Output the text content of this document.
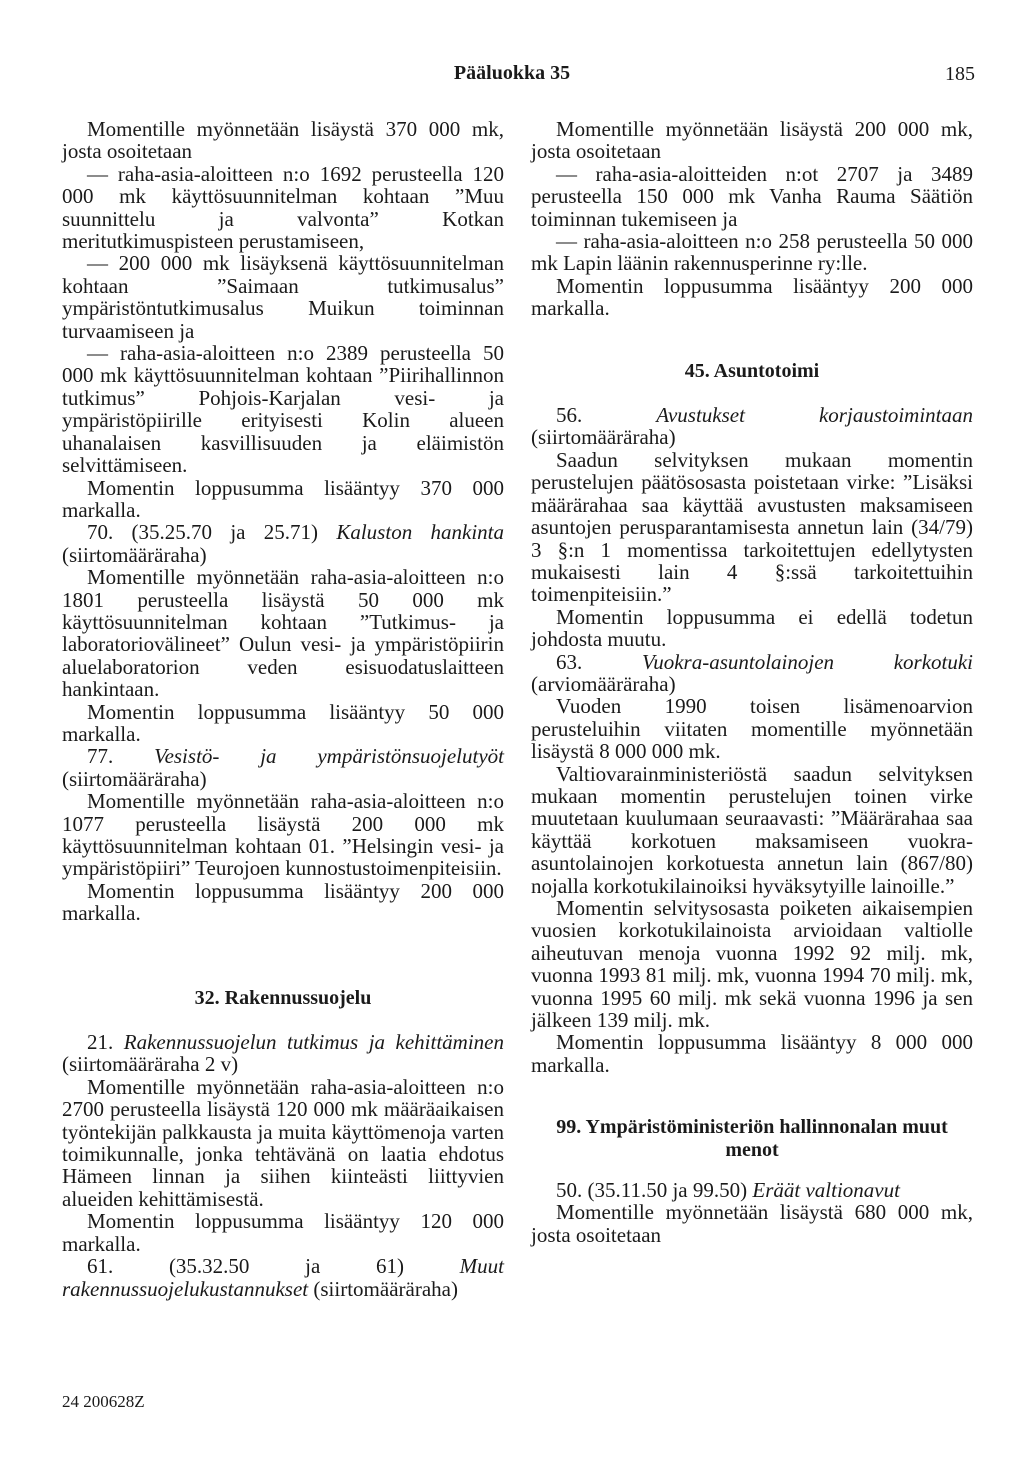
Pääluokka 35	185

Momentille myönnetään lisäystä 370 000 mk, josta osoitetaan

— raha-asia-aloitteen n:o 1692 perusteella 120 000 mk käyttösuunnitelman kohtaan ”Muu suunnittelu ja valvonta” Kotkan meritutkimuspisteen perustamiseen,

— 200 000 mk lisäyksenä käyttösuunnitelman kohtaan ”Saimaan tutkimusalus” ympäristöntutkimusalus Muikun toiminnan turvaamiseen ja

— raha-asia-aloitteen n:o 2389 perusteella 50 000 mk käyttösuunnitelman kohtaan ”Piirihallinnon tutkimus” Pohjois-Karjalan vesi- ja ympäristöpiirille erityisesti Kolin alueen uhanalaisen kasvillisuuden ja eläimistön selvittämiseen.

Momentin loppusumma lisääntyy 370 000 markalla.

70. (35.25.70 ja 25.71) Kaluston hankinta (siirtomääräraha)

Momentille myönnetään raha-asia-aloitteen n:o 1801 perusteella lisäystä 50 000 mk käyttösuunnitelman kohtaan ”Tutkimus- ja laboratoriovälineet” Oulun vesi- ja ympäristöpiirin aluelaboratorion veden esisuodatuslaitteen hankintaan.

Momentin loppusumma lisääntyy 50 000 markalla.

77. Vesistö- ja ympäristönsuojelutyöt (siirtomääräraha)

Momentille myönnetään raha-asia-aloitteen n:o 1077 perusteella lisäystä 200 000 mk käyttösuunnitelman kohtaan 01. ”Helsingin vesi- ja ympäristöpiiri” Teurojoen kunnostustoimenpiteisiin.

Momentin loppusumma lisääntyy 200 000 markalla.

32. Rakennussuojelu

21. Rakennussuojelun tutkimus ja kehittäminen (siirtomääräraha 2 v)

Momentille myönnetään raha-asia-aloitteen n:o 2700 perusteella lisäystä 120 000 mk määräaikaisen työntekijän palkkausta ja muita käyttömenoja varten toimikunnalle, jonka tehtävänä on laatia ehdotus Hämeen linnan ja siihen kiinteästi liittyvien alueiden kehittämisestä.

Momentin loppusumma lisääntyy 120 000 markalla.

61. (35.32.50 ja 61) Muut rakennussuojelukustannukset (siirtomääräraha)

Momentille myönnetään lisäystä 200 000 mk, josta osoitetaan

— raha-asia-aloitteiden n:ot 2707 ja 3489 perusteella 150 000 mk Vanha Rauma Säätiön toiminnan tukemiseen ja

— raha-asia-aloitteen n:o 258 perusteella 50 000 mk Lapin läänin rakennusperinne ry:lle.

Momentin loppusumma lisääntyy 200 000 markalla.

45. Asuntotoimi

56. Avustukset korjaustoimintaan (siirtomääräraha)

Saadun selvityksen mukaan momentin perustelujen päätösosasta poistetaan virke: ”Lisäksi määrärahaa saa käyttää avustusten maksamiseen asuntojen perusparantamisesta annetun lain (34/79) 3 §:n 1 momentissa tarkoitettujen edellytysten mukaisesti lain 4 §:ssä tarkoitettuihin toimenpiteisiin.”

Momentin loppusumma ei edellä todetun johdosta muutu.

63. Vuokra-asuntolainojen korkotuki (arviomääräraha)

Vuoden 1990 toisen lisämenoarvion perusteluihin viitaten momentille myönnetään lisäystä 8 000 000 mk.

Valtiovarainministeriöstä saadun selvityksen mukaan momentin perustelujen toinen virke muutetaan kuulumaan seuraavasti: ”Määrärahaa saa käyttää korkotuen maksamiseen vuokra-asuntolainojen korkotuesta annetun lain (867/80) nojalla korkotukilainoiksi hyväksytyille lainoille.”

Momentin selvitysosasta poiketen aikaisempien vuosien korkotukilainoista arvioidaan valtiolle aiheutuvan menoja vuonna 1992 92 milj. mk, vuonna 1993 81 milj. mk, vuonna 1994 70 milj. mk, vuonna 1995 60 milj. mk sekä vuonna 1996 ja sen jälkeen 139 milj. mk.

Momentin loppusumma lisääntyy 8 000 000 markalla.

99. Ympäristöministeriön hallinnonalan muut menot

50. (35.11.50 ja 99.50) Eräät valtionavut

Momentille myönnetään lisäystä 680 000 mk, josta osoitetaan

24 200628Z
